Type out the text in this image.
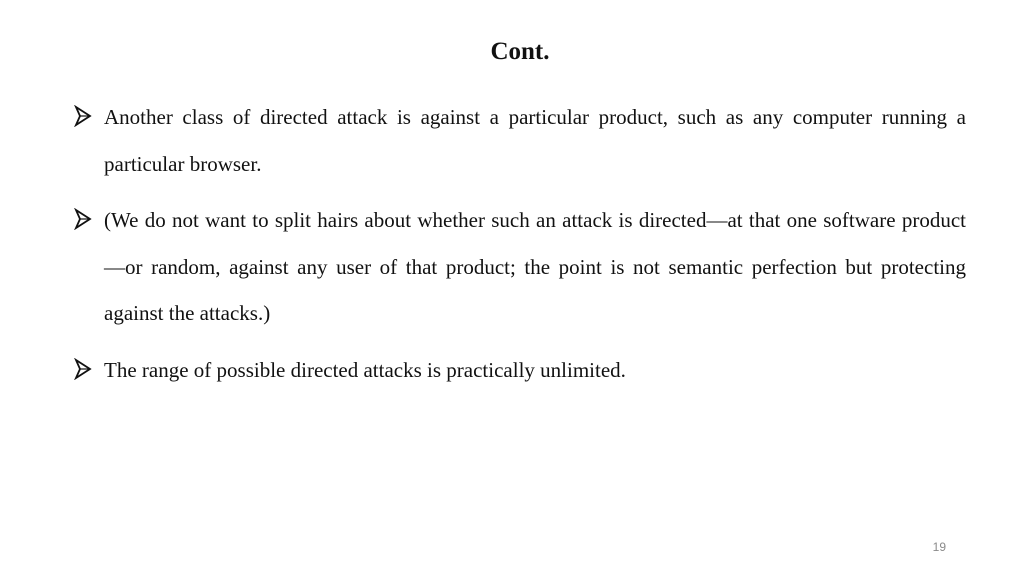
Cont.
Another class of directed attack is against a particular product, such as any computer running a particular browser.
(We do not want to split hairs about whether such an attack is directed—at that one software product—or random, against any user of that product; the point is not semantic perfection but protecting against the attacks.)
The range of possible directed attacks is practically unlimited.
19
